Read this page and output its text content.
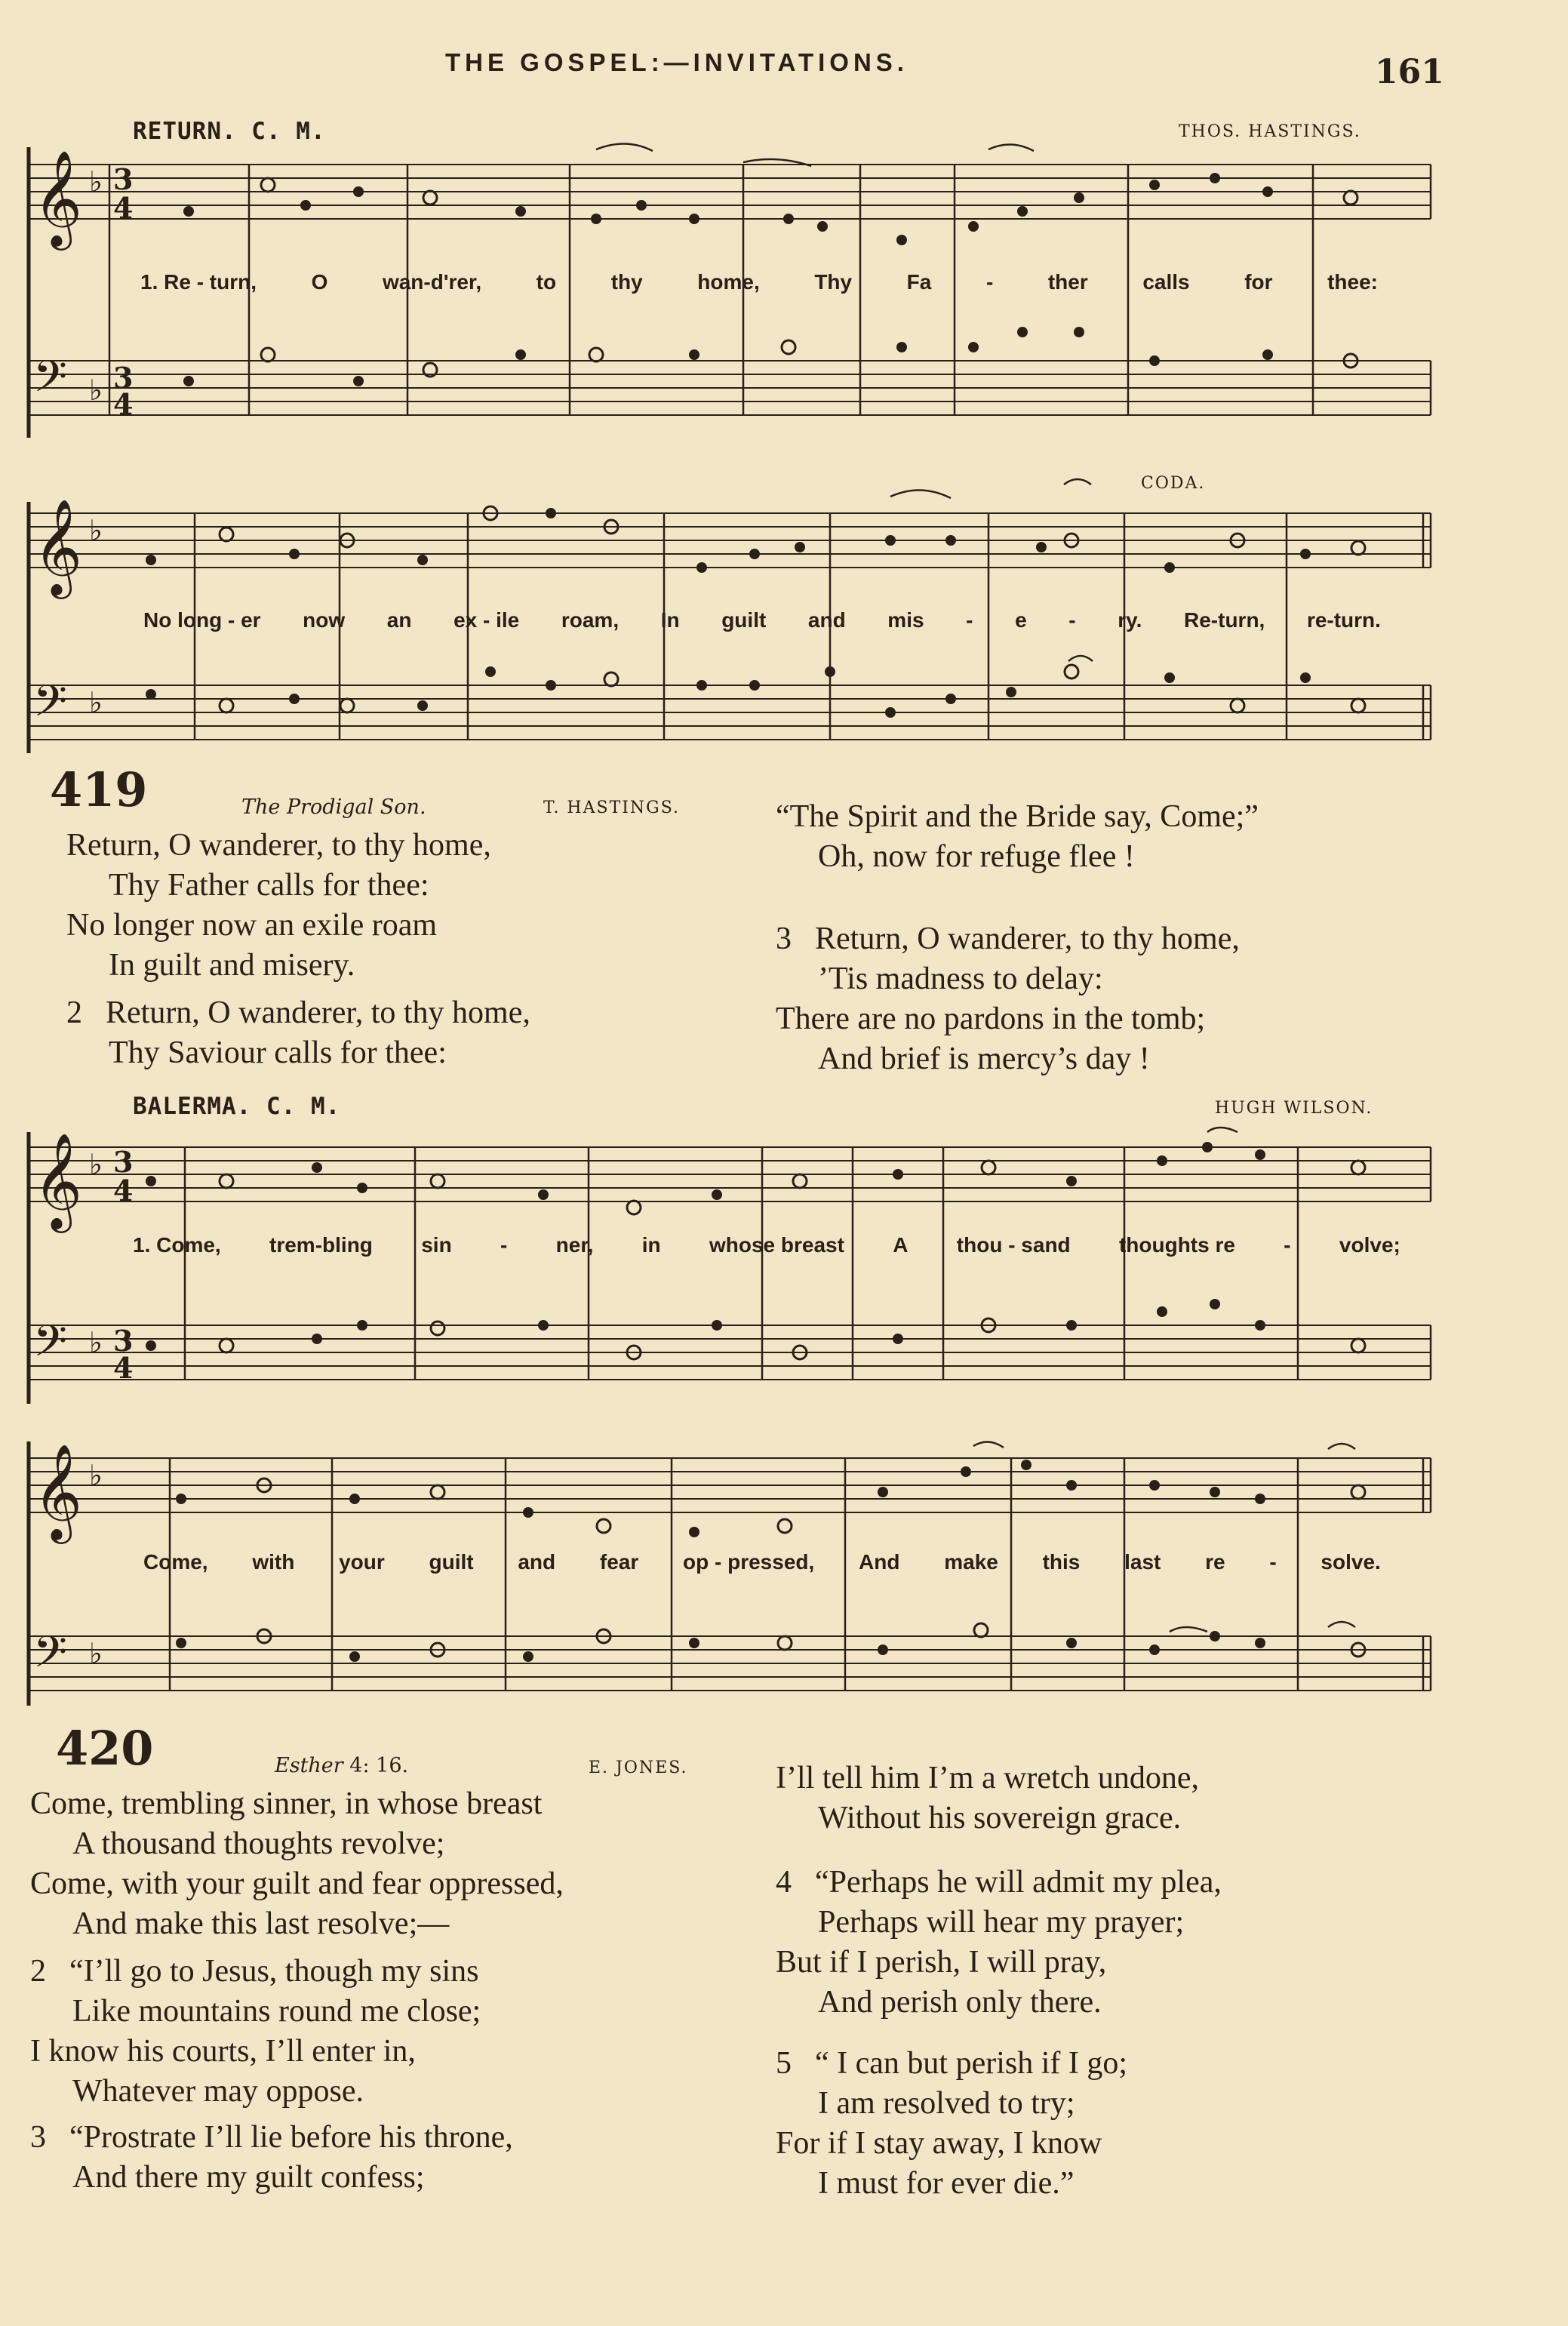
THE GOSPEL:—INVITATIONS.	161
RETURN. C. M.	THOS. HASTINGS.
CODA.
𝄞
𝄢
𝄞
𝄢
𝄞
𝄢
𝄞
𝄢
♭ 3
4
♭ 3
4
♭
♭
♭ 3
4
♭ 3
4
♭
♭
1. Re - turn,	O	wan-d'rer,	to	thy	home,	Thy	Fa	-	ther	calls	for	thee:
No long - er now an ex - ile roam, In guilt and mis - e - ry. Re-turn, re-turn.
419	The Prodigal Son.	T. HASTINGS.
Return, O wanderer, to thy home,
Thy Father calls for thee:
No longer now an exile roam
In guilt and misery.
2 Return, O wanderer, to thy home,
Thy Saviour calls for thee:
“The Spirit and the Bride say, Come;”
Oh, now for refuge flee !
3 Return, O wanderer, to thy home,
’Tis madness to delay:
There are no pardons in the tomb;
And brief is mercy’s day !
BALERMA. C. M.	HUGH WILSON.
1. Come, trem-bling sin - ner, in whose breast A thou - sand thoughts re - volve;
Come, with your guilt and fear op - pressed, And make this last re - solve.
420	Esther 4: 16.	E. JONES.
Come, trembling sinner, in whose breast
A thousand thoughts revolve;
Come, with your guilt and fear oppressed,
And make this last resolve;—
2 “I’ll go to Jesus, though my sins
Like mountains round me close;
I know his courts, I’ll enter in,
Whatever may oppose.
3 “Prostrate I’ll lie before his throne,
And there my guilt confess;
I’ll tell him I’m a wretch undone,
Without his sovereign grace.
4 “Perhaps he will admit my plea,
Perhaps will hear my prayer;
But if I perish, I will pray,
And perish only there.
5 “ I can but perish if I go;
I am resolved to try;
For if I stay away, I know
I must for ever die.”
